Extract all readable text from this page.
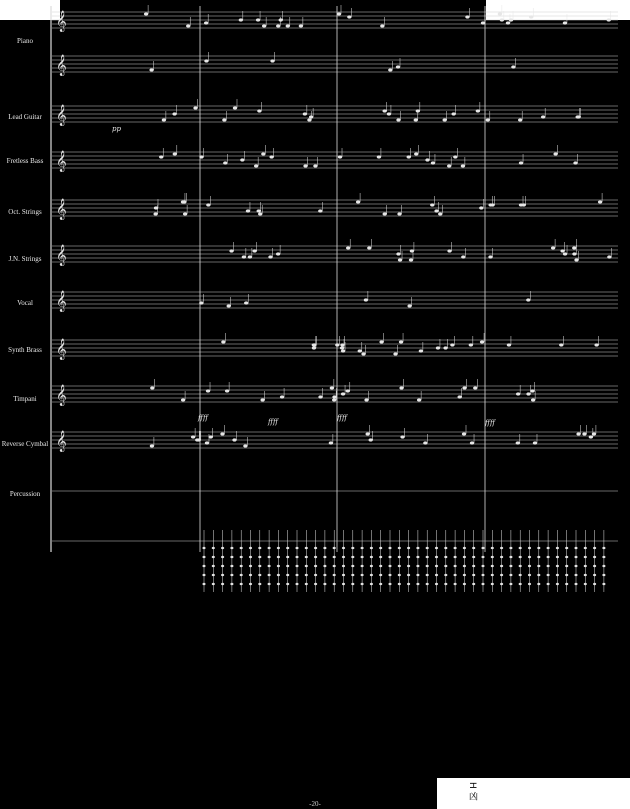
𝄞
𝄞
𝄞
𝄞
𝄞
𝄞
𝄞
𝄞
𝄞
𝄞
pp
ffff	ffff	ffff
ffff
Piano
Lead Guitar
Fretless Bass
Oct. Strings
J.N. Strings
Vocal
Synth Brass
Timpani
Reverse Cymbal
Percussion
H 凶
-20-
